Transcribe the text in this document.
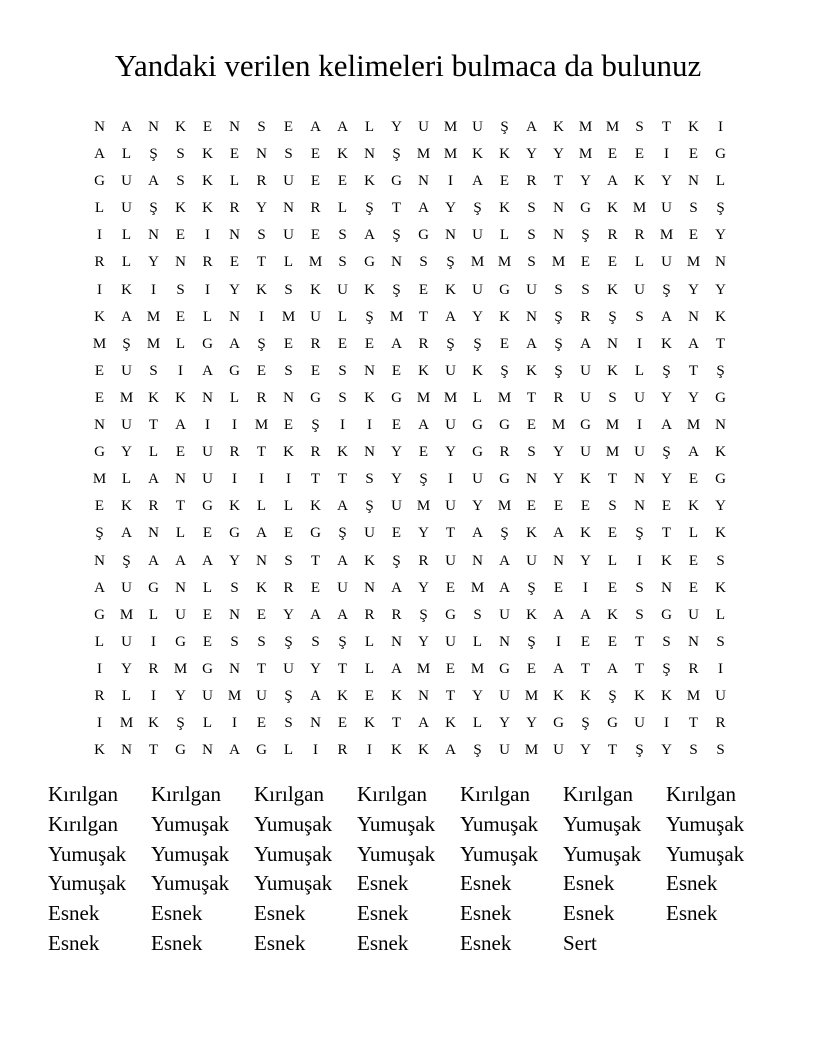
Yandaki verilen kelimeleri bulmaca da bulunuz
N	A	N	K	E	N	S	E	A	A	L	Y	U M U	Ş	A	K M M	S	T	K	I
A	L	Ş	S	K	E	N	S	E	K	N	Ş	M M K	K	Y	Y M	E	E	I	E	G
G	U	A	S	K	L	R	U	E	E	K	G	N	I	A	E	R	T	Y	A	K	Y	N	L
L	U	Ş	K	K	R	Y	N	R	L	Ş	T	A	Y	Ş	K	S	N	G	K M U	S	Ş
I	L	N	E	I	N	S	U	E	S	A	Ş	G	N	U	L	S	N	Ş	R	R	M	E	Y
R	L	Y	N	R	E	T	L	M	S	G	N	S	Ş	M M	S	M	E	E	L	U M N
I	K	I	S	I	Y	K	S	K	U	K	Ş	E	K	U	G	U	S	S	K	U	Ş	Y	Y
K	A M	E	L	N	I	M U	L	Ş	M	T	A	Y	K	N	Ş	R	Ş	S	A	N	K
M	Ş	M	L	G	A	Ş	E	R	E	E	A	R	Ş	Ş	E	A	Ş	A	N	I	K	A	T
E	U	S	I	A	G	E	S	E	S	N	E	K	U	K	Ş	K	Ş	U	K	L	Ş	T	Ş
E	M K	K	N	L	R	N	G	S	K	G M M	L	M	T	R	U	S	U	Y	Y	G
N	U	T	A	I	I	M	E	Ş	I	I	E	A	U	G	G	E	M G M	I	A M N
G	Y	L	E	U	R	T	K	R	K	N	Y	E	Y	G	R	S	Y	U M U	Ş	A	K
M	L	A	N	U	I	I	I	T	T	S	Y	Ş	I	U	G	N	Y	K	T	N	Y	E	G
E	K	R	T	G	K	L	L	K	A	Ş	U M U	Y M	E	E	E	S	N	E	K	Y
Ş	A	N	L	E	G	A	E	G	Ş	U	E	Y	T	A	Ş	K	A	K	E	Ş	T	L	K
N	Ş	A	A	A	Y	N	S	T	A	K	Ş	R	U	N	A	U	N	Y	L	I	K	E	S
A	U	G	N	L	S	K	R	E	U	N	A	Y	E	M A	Ş	E	I	E	S	N	E	K
G M	L	U	E	N	E	Y	A	A	R	R	Ş	G	S	U	K	A	A	K	S	G	U	L
L	U	I	G	E	S	S	Ş	S	Ş	L	N	Y	U	L	N	Ş	I	E	E	T	S	N	S
I	Y	R	M G	N	T	U	Y	T	L	A M	E	M G	E	A	T	A	T	Ş	R	I
R	L	I	Y	U M U	Ş	A	K	E	K	N	T	Y	U M K	K	Ş	K	K M U
I	M K	Ş	L	I	E	S	N	E	K	T	A	K	L	Y	Y	G	Ş	G	U	I	T	R
K	N	T	G	N	A	G	L	I	R	I	K	K	A	Ş	U M U	Y	T	Ş	Y	S	S
Kırılgan	Kırılgan	Kırılgan	Kırılgan	Kırılgan	Kırılgan	Kırılgan
Kırılgan	Yumuşak	Yumuşak	Yumuşak	Yumuşak	Yumuşak	Yumuşak
Yumuşak	Yumuşak	Yumuşak	Yumuşak	Yumuşak	Yumuşak	Yumuşak
Yumuşak	Yumuşak	Yumuşak	Esnek	Esnek	Esnek	Esnek
Esnek	Esnek	Esnek	Esnek	Esnek	Esnek	Esnek
Esnek	Esnek	Esnek	Esnek	Esnek	Sert
